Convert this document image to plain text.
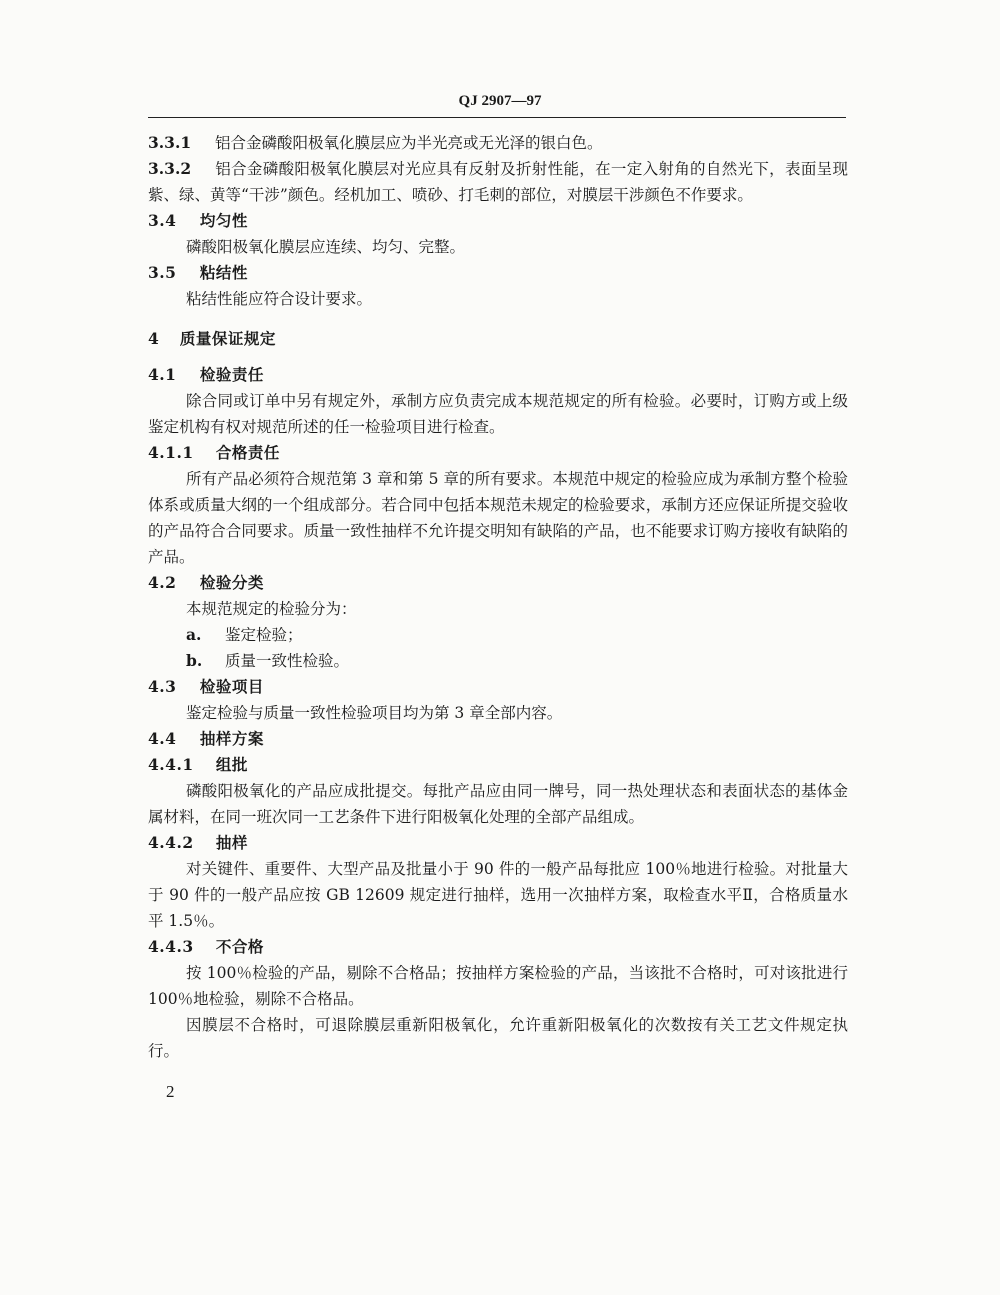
QJ 2907—97
3.3.1 铝合金磷酸阳极氧化膜层应为半光亮或无光泽的银白色。
3.3.2 铝合金磷酸阳极氧化膜层对光应具有反射及折射性能，在一定入射角的自然光下，表面呈现紫、绿、黄等“干涉”颜色。经机加工、喷砂、打毛刺的部位，对膜层干涉颜色不作要求。
3.4 均匀性
磷酸阳极氧化膜层应连续、均匀、完整。
3.5 粘结性
粘结性能应符合设计要求。
4 质量保证规定
4.1 检验责任
除合同或订单中另有规定外，承制方应负责完成本规范规定的所有检验。必要时，订购方或上级鉴定机构有权对规范所述的任一检验项目进行检查。
4.1.1 合格责任
所有产品必须符合规范第 3 章和第 5 章的所有要求。本规范中规定的检验应成为承制方整个检验体系或质量大纲的一个组成部分。若合同中包括本规范未规定的检验要求，承制方还应保证所提交验收的产品符合合同要求。质量一致性抽样不允许提交明知有缺陷的产品，也不能要求订购方接收有缺陷的产品。
4.2 检验分类
本规范规定的检验分为：
a. 鉴定检验；
b. 质量一致性检验。
4.3 检验项目
鉴定检验与质量一致性检验项目均为第 3 章全部内容。
4.4 抽样方案
4.4.1 组批
磷酸阳极氧化的产品应成批提交。每批产品应由同一牌号，同一热处理状态和表面状态的基体金属材料，在同一班次同一工艺条件下进行阳极氧化处理的全部产品组成。
4.4.2 抽样
对关键件、重要件、大型产品及批量小于 90 件的一般产品每批应 100％地进行检验。对批量大于 90 件的一般产品应按 GB 12609 规定进行抽样，选用一次抽样方案，取检查水平Ⅱ，合格质量水平 1.5％。
4.4.3 不合格
按 100％检验的产品，剔除不合格品；按抽样方案检验的产品，当该批不合格时，可对该批进行 100％地检验，剔除不合格品。
因膜层不合格时，可退除膜层重新阳极氧化，允许重新阳极氧化的次数按有关工艺文件规定执行。
2
